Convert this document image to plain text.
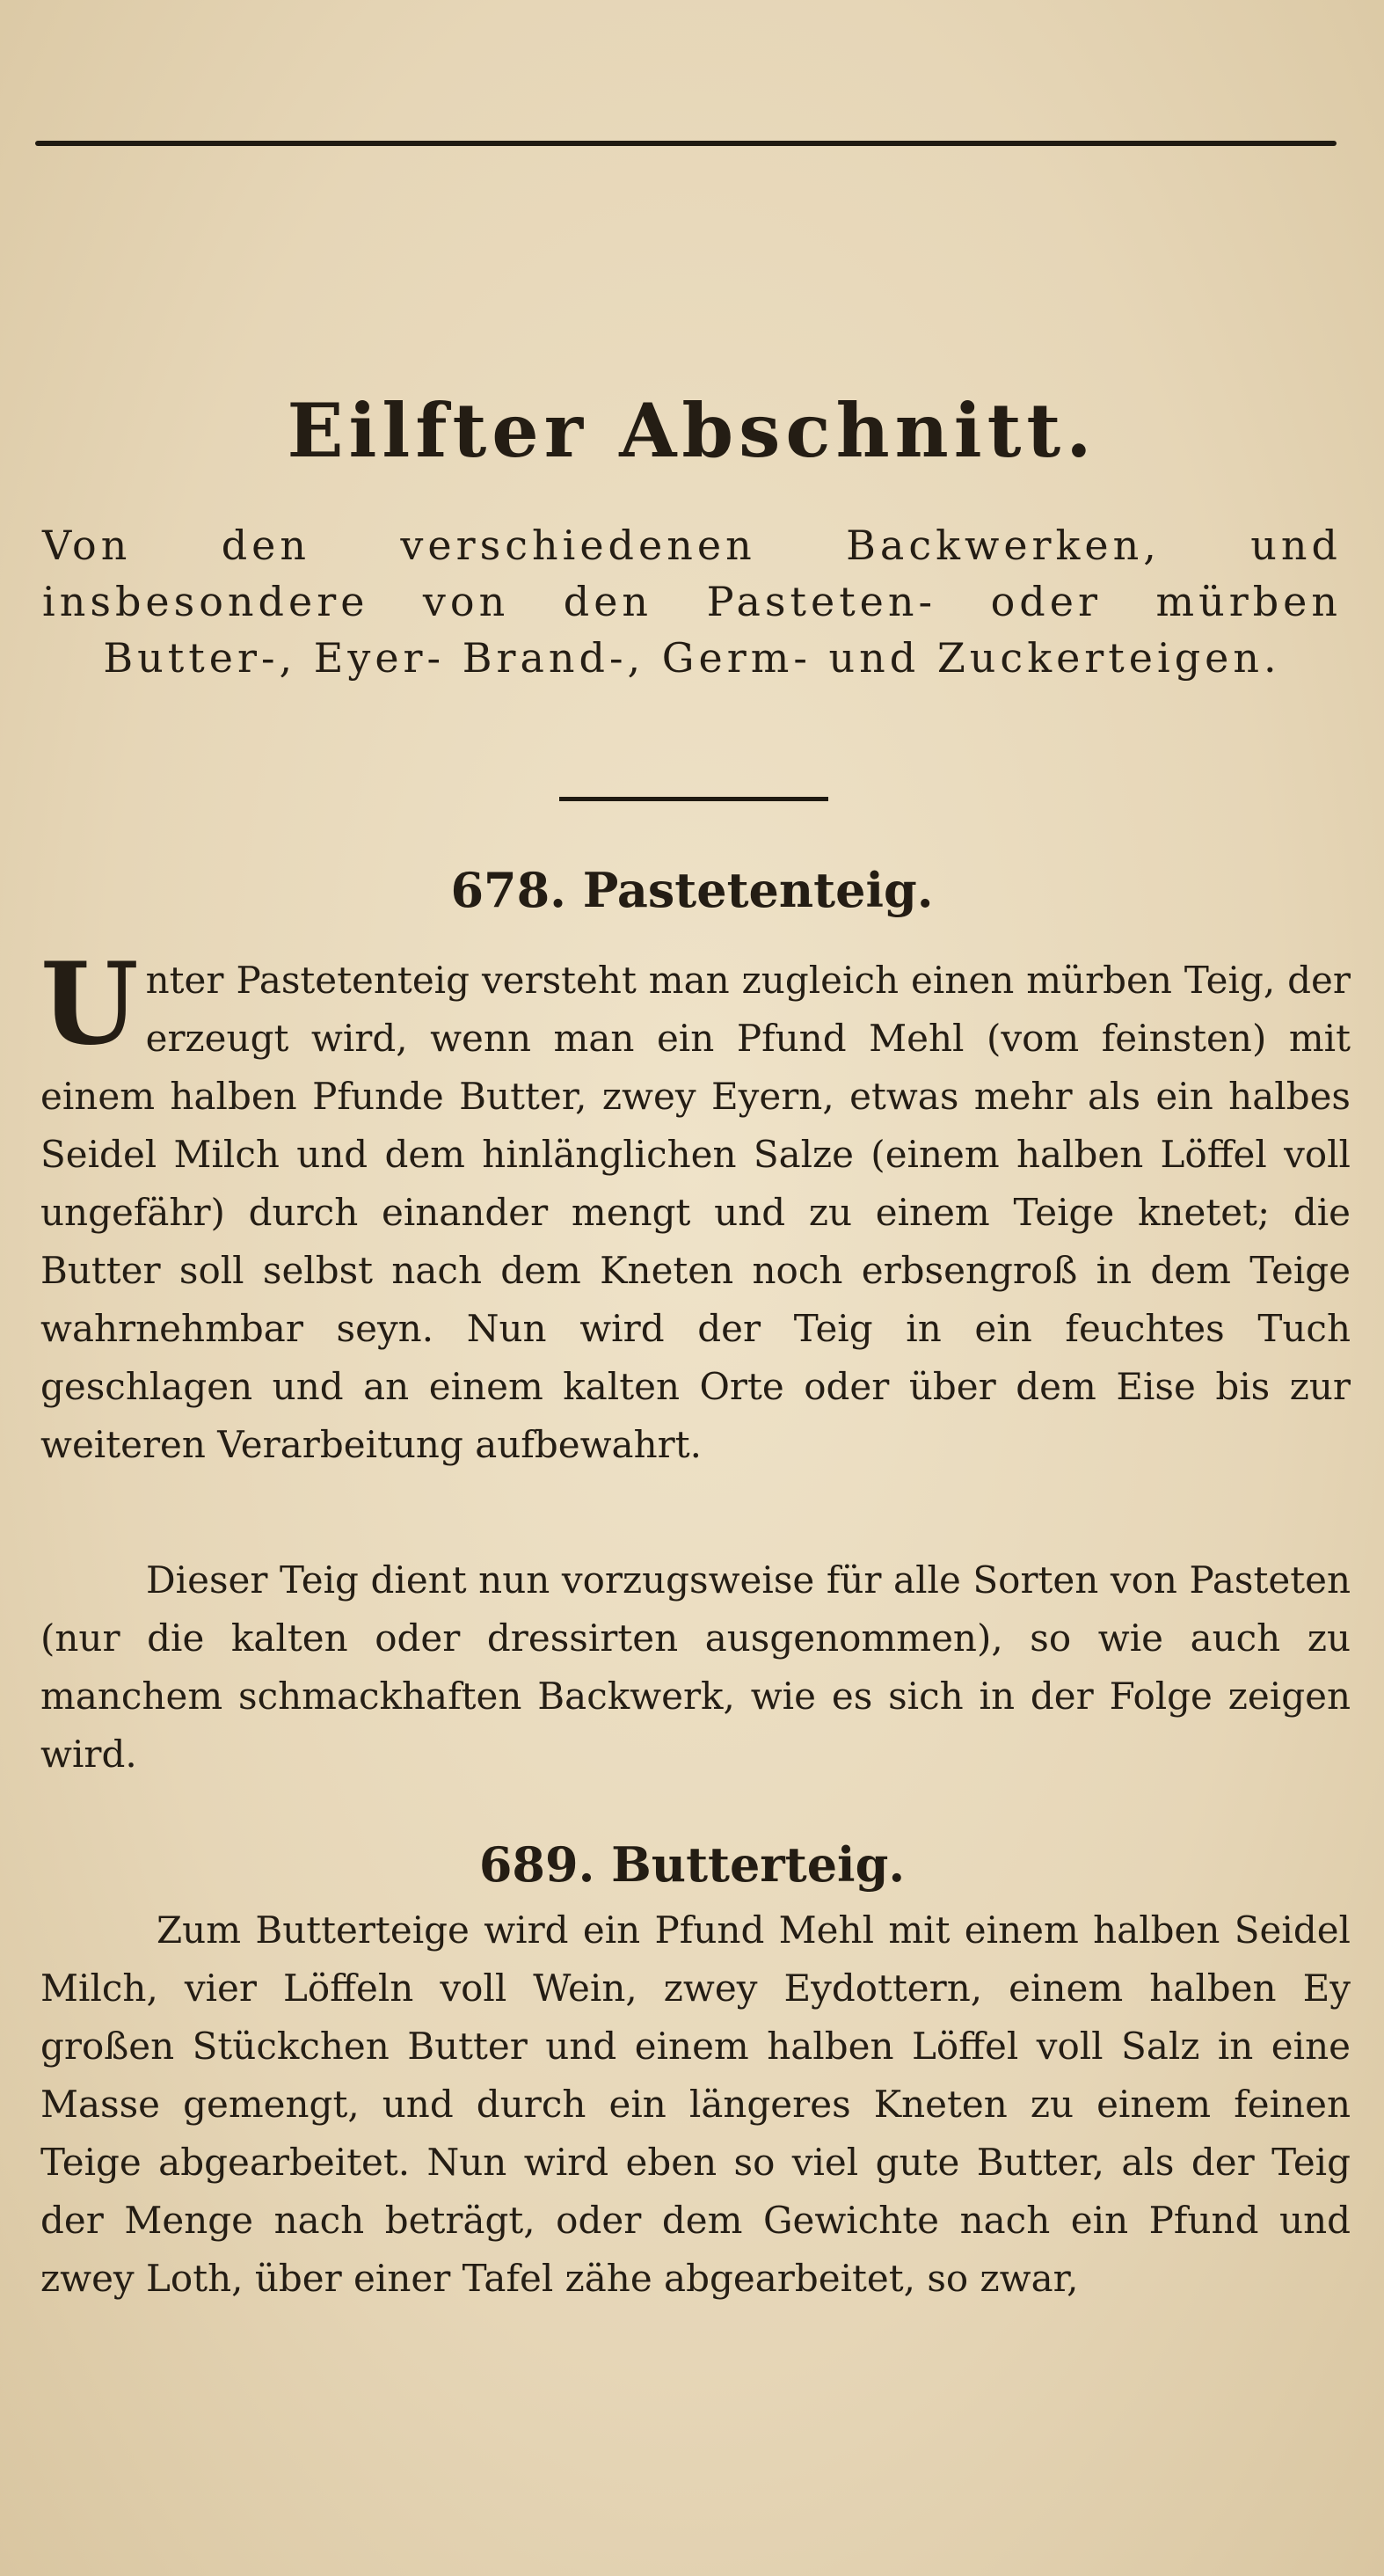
Eilfter Abschnitt.

Von den verschiedenen Backwerken, und insbesondere von den Pasteten- oder mürben Butter-, Eyer- Brand-, Germ- und Zuckerteigen.

678. Pastetenteig.

Unter Pastetenteig versteht man zugleich einen mürben Teig, der erzeugt wird, wenn man ein Pfund Mehl (vom feinsten) mit einem halben Pfunde Butter, zwey Eyern, etwas mehr als ein halbes Seidel Milch und dem hinlänglichen Salze (einem halben Löffel voll ungefähr) durch einander mengt und zu einem Teige knetet; die Butter soll selbst nach dem Kneten noch erbsengroß in dem Teige wahrnehmbar seyn. Nun wird der Teig in ein feuchtes Tuch geschlagen und an einem kalten Orte oder über dem Eise bis zur weiteren Verarbeitung aufbewahrt.

Dieser Teig dient nun vorzugsweise für alle Sorten von Pasteten (nur die kalten oder dressirten ausgenommen), so wie auch zu manchem schmackhaften Backwerk, wie es sich in der Folge zeigen wird.

689. Butterteig.

Zum Butterteige wird ein Pfund Mehl mit einem halben Seidel Milch, vier Löffeln voll Wein, zwey Eydottern, einem halben Ey großen Stückchen Butter und einem halben Löffel voll Salz in eine Masse gemengt, und durch ein längeres Kneten zu einem feinen Teige abgearbeitet. Nun wird eben so viel gute Butter, als der Teig der Menge nach beträgt, oder dem Gewichte nach ein Pfund und zwey Loth, über einer Tafel zähe abgearbeitet, so zwar,
